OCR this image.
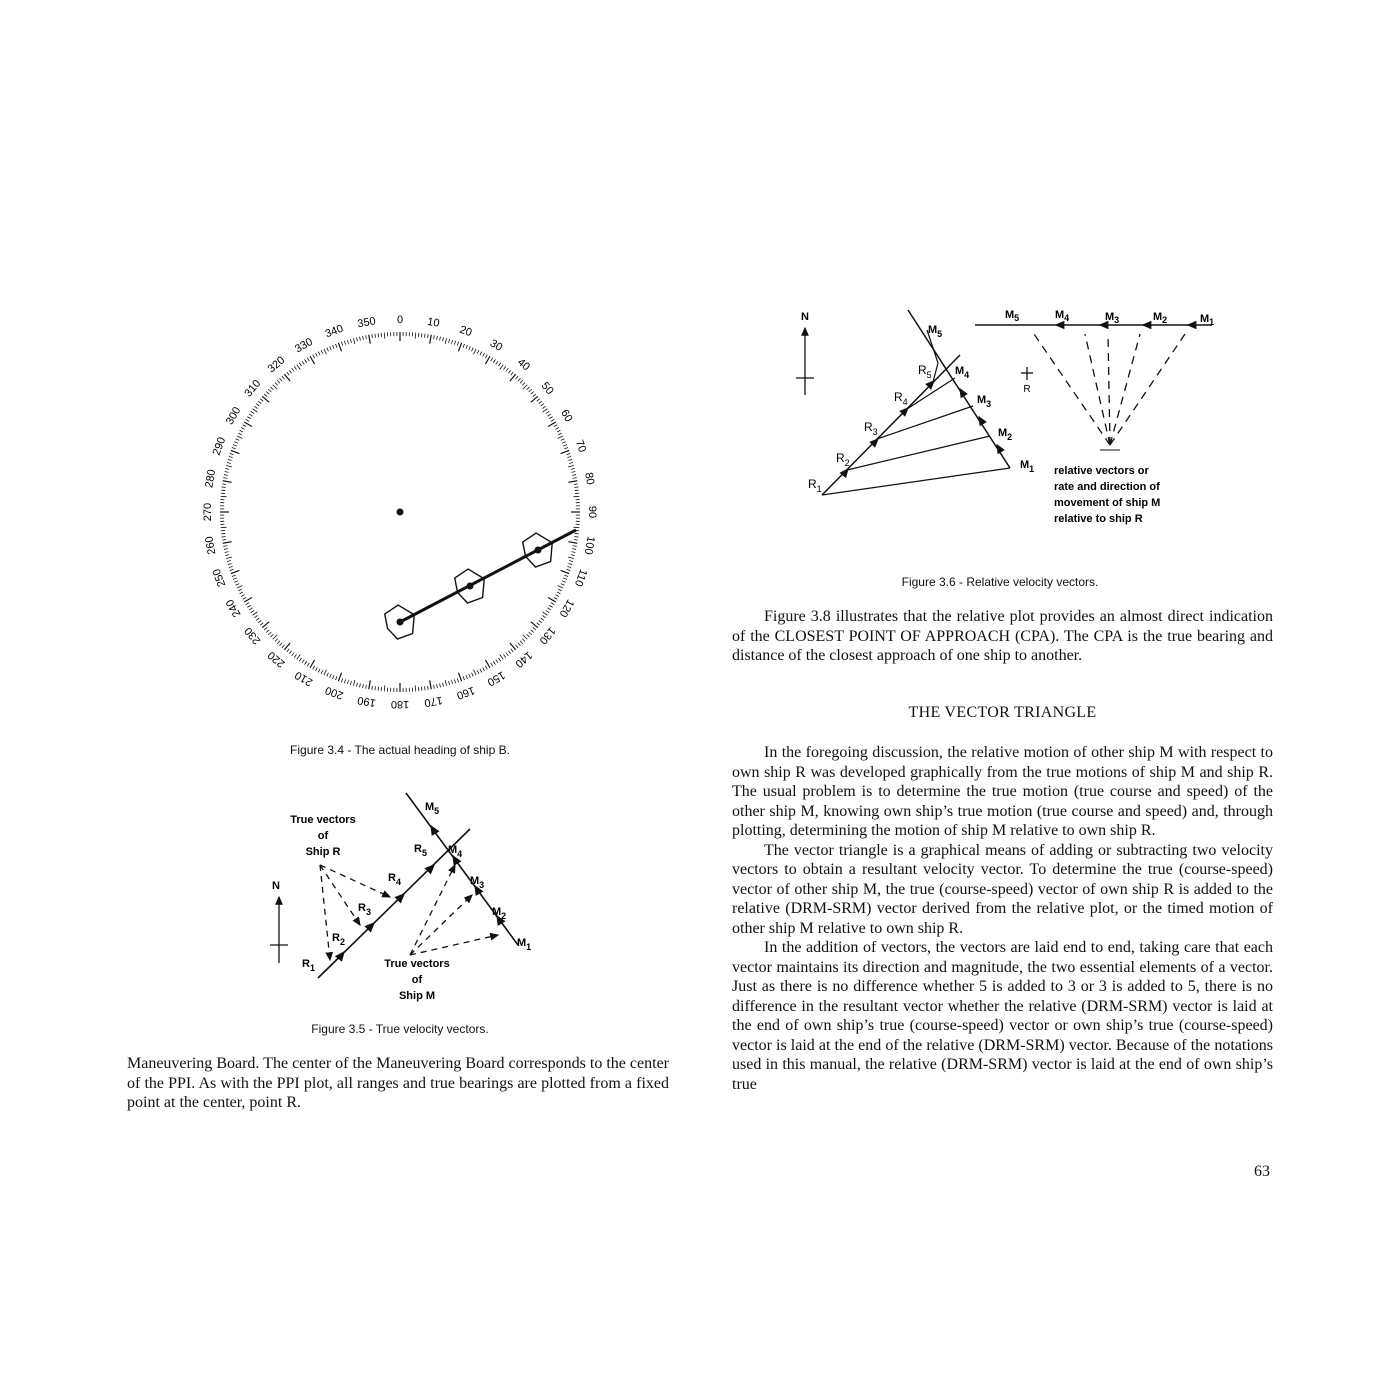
0 10
20
30
40
50
60
70
80
90
100
110
120
130
140
150
160
170
180
190
200
210
220
230
240
250
260
270
280
290
300
310
320
330
340 350
Figure 3.4 - The actual heading of ship B.
N
True vectors
of
Ship R
True vectors
of
Ship M
$R_1$
$R_2$
$R_3$
$R_4$
$R_5$
$M_1$
$M_2$
$M_3$
$M_4$
$M_5$
Figure 3.5 - True velocity vectors.

Maneuvering Board. The center of the Maneuvering Board corresponds to the center of the PPI. As with the PPI plot, all ranges and true bearings are plotted from a fixed point at the center, point R.

N
R
$M_5$	$M_4$	$M_3$	$M_2$	$M_1$
$R_1$
$R_2$
$R_3$
$R_4$
$R_5$
$M_1$
$M_2$
$M_3$
$M_4$
$M_5$
relative vectors or
rate and direction of
movement of ship M
relative to ship R
Figure 3.6 - Relative velocity vectors.

Figure 3.8 illustrates that the relative plot provides an almost direct indication of the CLOSEST POINT OF APPROACH (CPA). The CPA is the true bearing and distance of the closest approach of one ship to another.

THE VECTOR TRIANGLE

In the foregoing discussion, the relative motion of other ship M with respect to own ship R was developed graphically from the true motions of ship M and ship R. The usual problem is to determine the true motion (true course and speed) of the other ship M, knowing own ship’s true motion (true course and speed) and, through plotting, determining the motion of ship M relative to own ship R.

The vector triangle is a graphical means of adding or subtracting two velocity vectors to obtain a resultant velocity vector. To determine the true (course-speed) vector of other ship M, the true (course-speed) vector of own ship R is added to the relative (DRM-SRM) vector derived from the relative plot, or the timed motion of other ship M relative to own ship R.

In the addition of vectors, the vectors are laid end to end, taking care that each vector maintains its direction and magnitude, the two essential elements of a vector. Just as there is no difference whether 5 is added to 3 or 3 is added to 5, there is no difference in the resultant vector whether the relative (DRM-SRM) vector is laid at the end of own ship’s true (course-speed) vector or own ship’s true (course-speed) vector is laid at the end of the relative (DRM-SRM) vector. Because of the notations used in this manual, the relative (DRM-SRM) vector is laid at the end of own ship’s true

63
